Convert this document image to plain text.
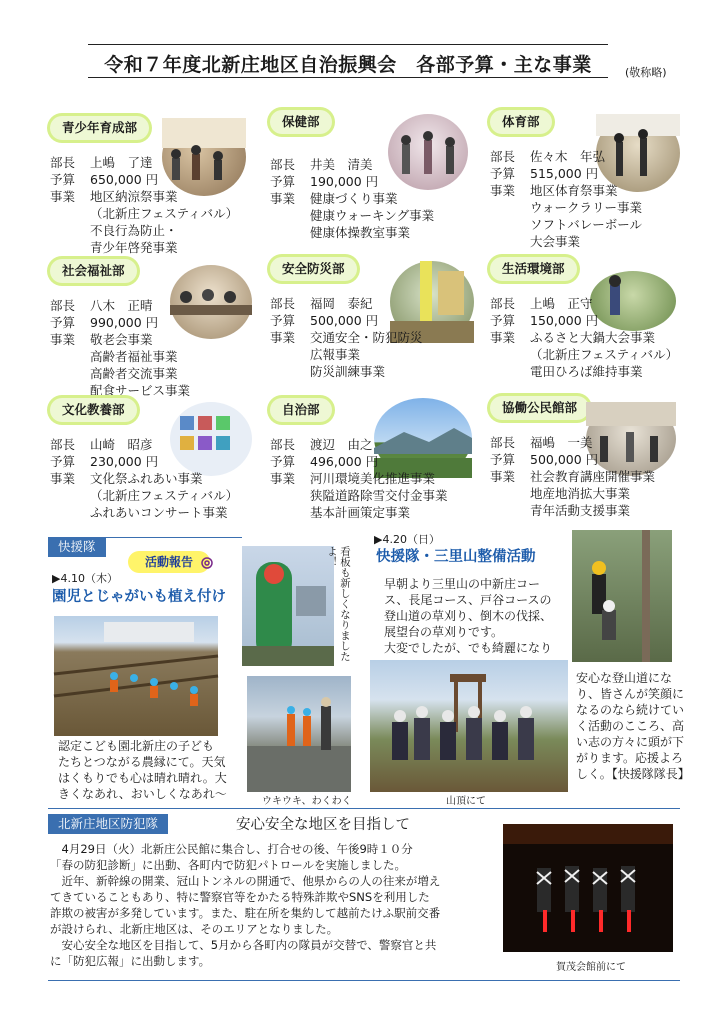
令和７年度北新庄地区自治振興会　各部予算・主な事業	(敬称略)
青少年育成部
部長	上嶋　了達
予算	650,000 円
事業	地区納涼祭事業
（北新庄フェスティバル）
不良行為防止・
青少年啓発事業
保健部
部長	井美　清美
予算	190,000 円
事業	健康づくり事業
健康ウォーキング事業
健康体操教室事業
体育部
部長	佐々木　年弘
予算	515,000 円
事業	地区体育祭事業
ウォークラリー事業
ソフトバレーボール
大会事業
社会福祉部
部長	八木　正晴
予算	990,000 円
事業	敬老会事業
高齢者福祉事業
高齢者交流事業
配食サービス事業
安全防災部
部長	福岡　泰紀
予算	500,000 円
事業	交通安全・防犯防災
広報事業
防災訓練事業
生活環境部
部長	上嶋　正守
予算	150,000 円
事業	ふるさと大鍋大会事業
（北新庄フェスティバル）
電田ひろば維持事業
文化教養部
部長	山崎　昭彦
予算	230,000 円
事業	文化祭ふれあい事業
（北新庄フェスティバル）
ふれあいコンサート事業
自治部
部長	渡辺　由之
予算	496,000 円
事業	河川環境美化推進事業
狭隘道路除雪交付金事業
基本計画策定事業
協働公民館部
部長	福嶋　一美
予算	500,000 円
事業	社会教育講座開催事業
地産地消拡大事業
青年活動支援事業
快援隊
活動報告
▶4.10（木）
園児とじゃがいも植え付け
認定こども園北新庄の子ども
たちとつながる農縁にて。天気
はくもりでも心は晴れ晴れ。大
きくなあれ、おいしくなあれ～
看板も新しくなりましたよ！
ウキウキ、わくわく
▶4.20（日）
快援隊・三里山整備活動
早朝より三里山の中新庄コー
ス、長尾コース、戸谷コースの
登山道の草刈り、倒木の伐採、
展望台の草刈りです。
大変でしたが、でも綺麗になり
山頂にて
安心な登山道にな
り、皆さんが笑顔に
なるのなら続けてい
く活動のこころ、高
い志の方々に頭が下
がります。応援よろ
しく。【快援隊隊長】
北新庄地区防犯隊	安心安全な地区を目指して
　4月29日（火）北新庄公民館に集合し、打合せの後、午後9時１０分
「春の防犯診断」に出動、各町内で防犯パトロールを実施しました。
　近年、新幹線の開業、冠山トンネルの開通で、他県からの人の往来が増え
てきていることもあり、特に警察官等をかたる特殊詐欺やSNSを利用した
詐欺の被害が多発しています。また、駐在所を集約して越前たけふ駅前交番
が設けられ、北新庄地区は、そのエリアとなりました。
　安心安全な地区を目指して、5月から各町内の隊員が交替で、警察官と共
に「防犯広報」に出動します。	賀茂会館前にて
